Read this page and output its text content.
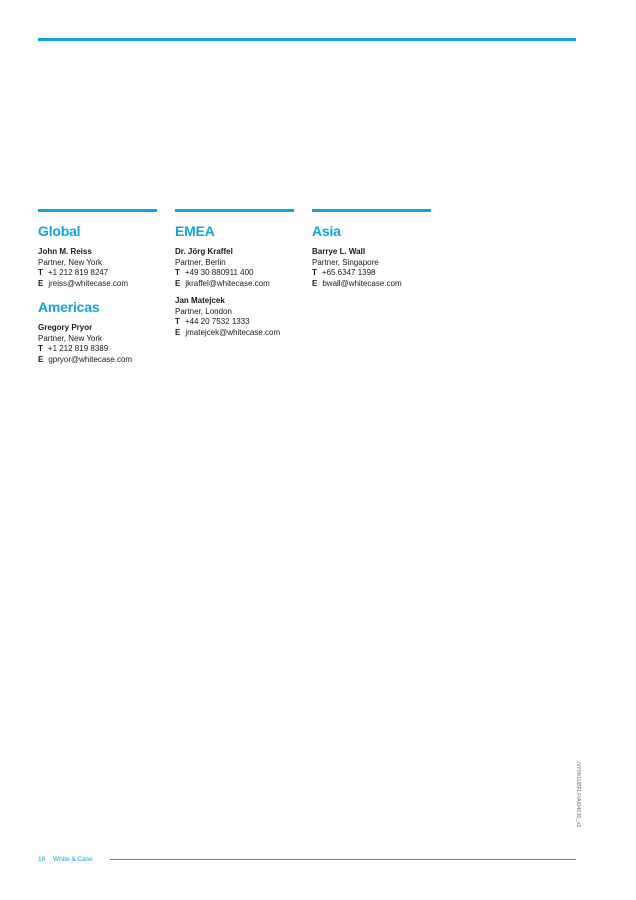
Global
John M. Reiss
Partner, New York
T +1 212 819 8247
E jreiss@whitecase.com
Americas
Gregory Pryor
Partner, New York
T +1 212 819 8389
E gpryor@whitecase.com
EMEA
Dr. Jörg Kraffel
Partner, Berlin
T +49 30 880911 400
E jkraffel@whitecase.com
Jan Matejcek
Partner, London
T +44 20 7532 1333
E jmatejcek@whitecase.com
Asia
Barrye L. Wall
Partner, Singapore
T +65 6347 1398
E bwall@whitecase.com
NY0811/BFLF/A/04030_v2
18 White & Case
